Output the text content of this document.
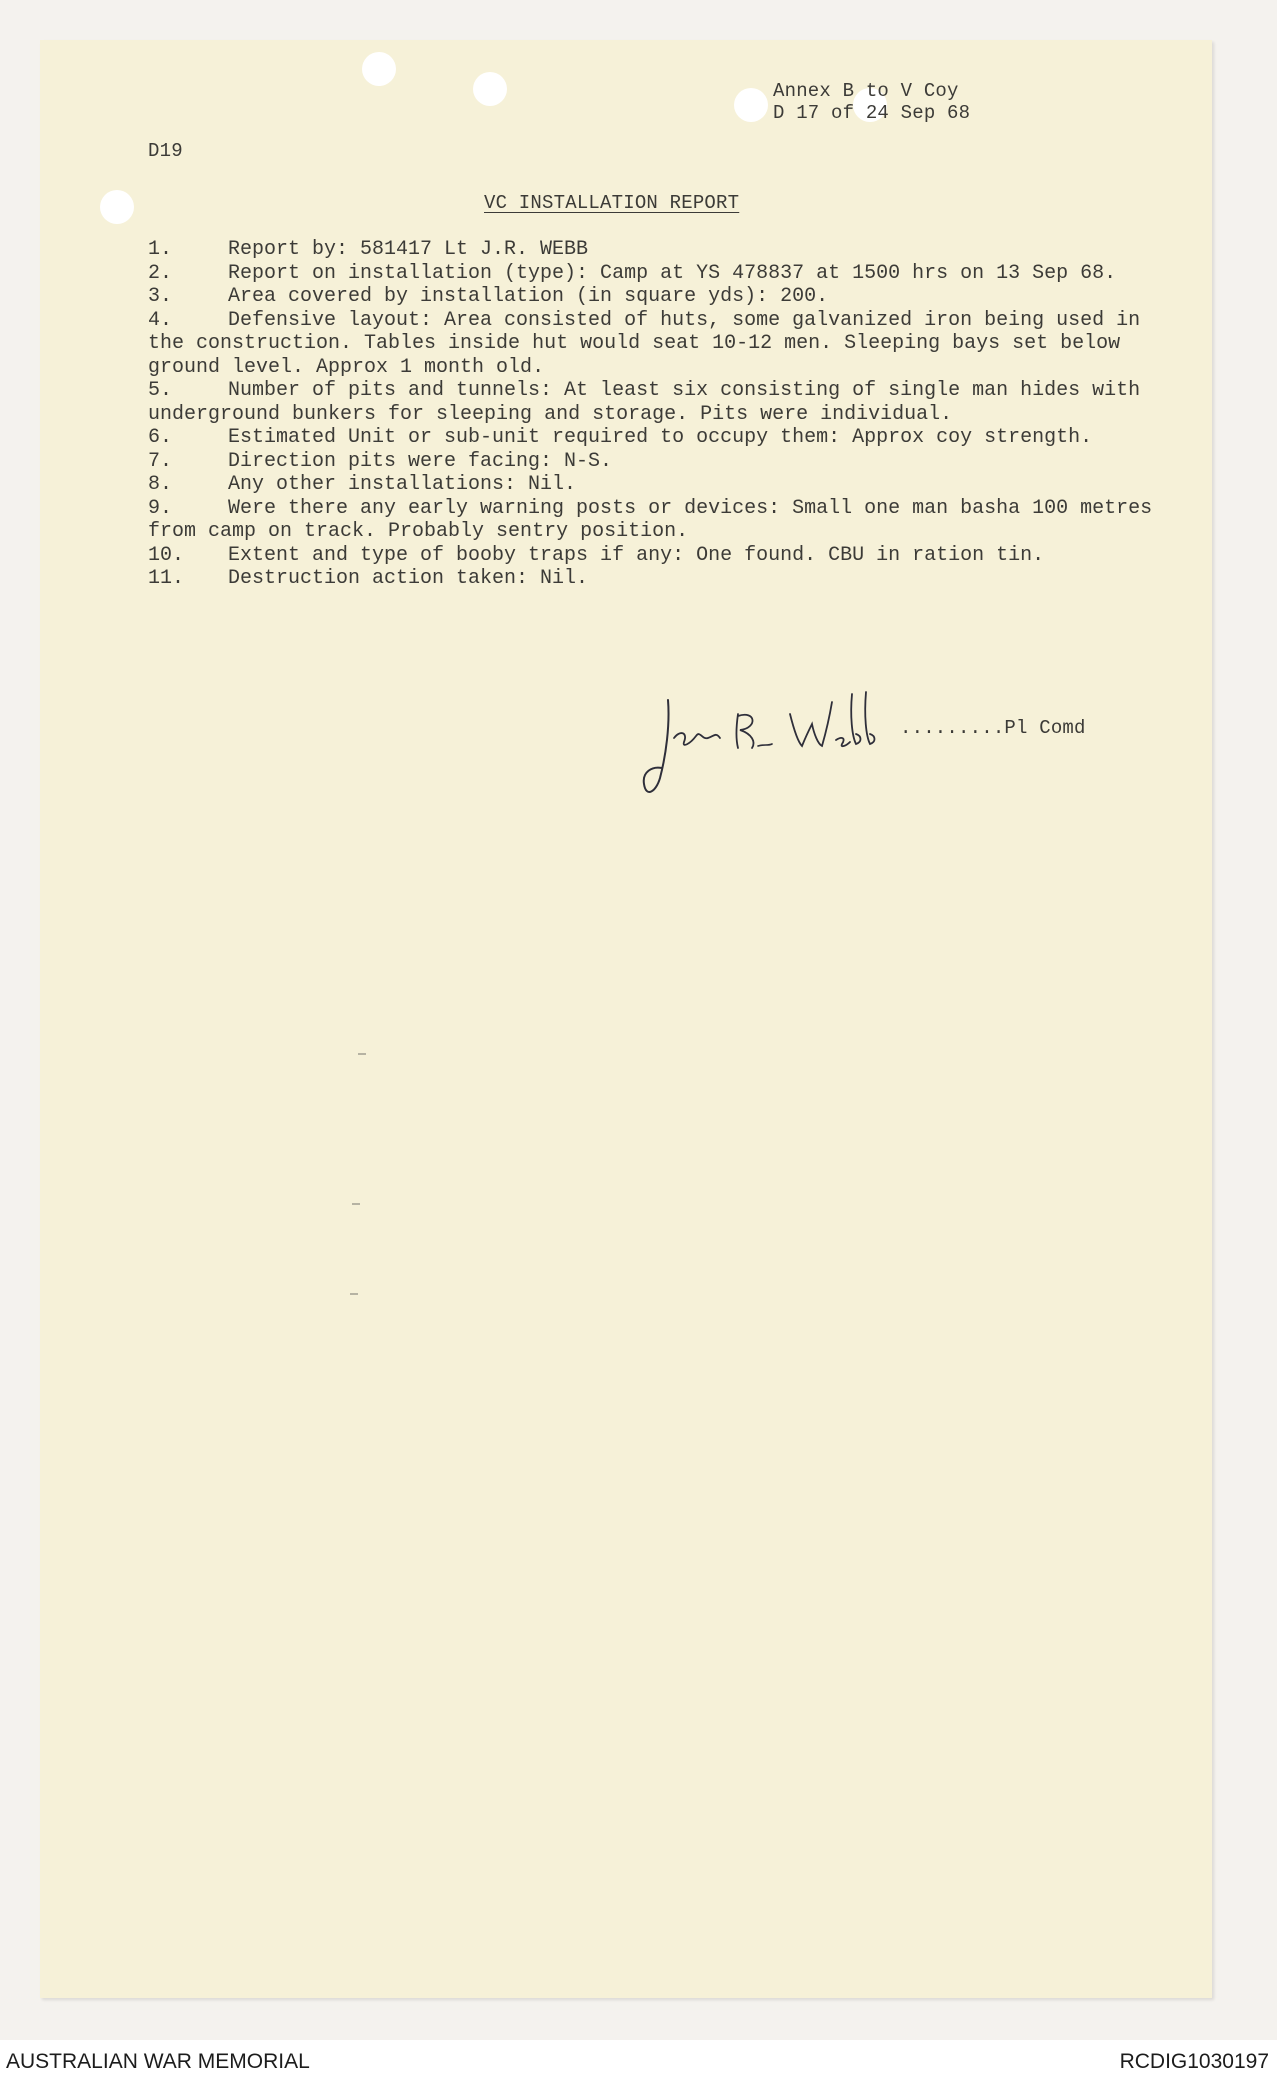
Annex B to V Coy
D 17 of 24 Sep 68
D19
VC INSTALLATION REPORT
1.	Report by: 581417 Lt J.R. WEBB
2.	Report on installation (type): Camp at YS 478837 at 1500 hrs on 13 Sep 68.
3.	Area covered by installation (in square yds): 200.
4.	Defensive layout: Area consisted of huts, some galvanized iron being used in the construction. Tables inside hut would seat 10-12 men. Sleeping bays set below ground level. Approx 1 month old.
5.	Number of pits and tunnels: At least six consisting of single man hides with underground bunkers for sleeping and storage. Pits were individual.
6.	Estimated Unit or sub-unit required to occupy them: Approx coy strength.
7.	Direction pits were facing: N-S.
8.	Any other installations: Nil.
9.	Were there any early warning posts or devices: Small one man basha 100 metres from camp on track. Probably sentry position.
10.	Extent and type of booby traps if any: One found. CBU in ration tin.
11.	Destruction action taken: Nil.
.........Pl Comd
AUSTRALIAN WAR MEMORIAL	RCDIG1030197
